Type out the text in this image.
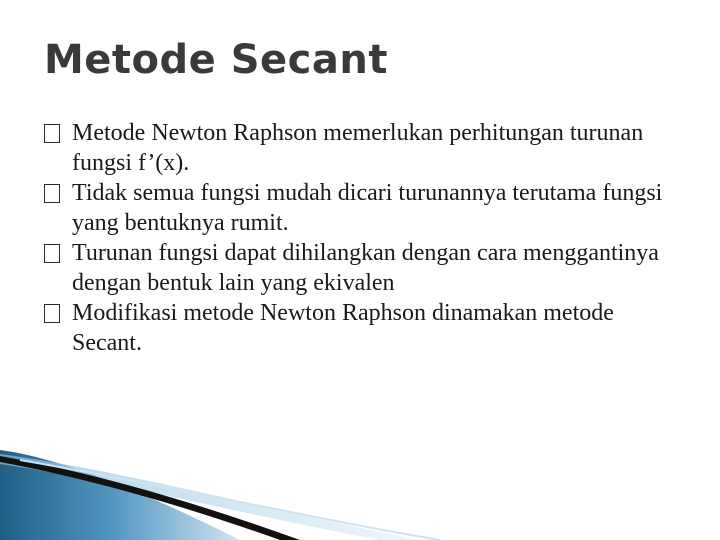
Metode Secant
Metode Newton Raphson memerlukan perhitungan turunan fungsi f’(x).
Tidak semua fungsi mudah dicari turunannya terutama fungsi yang bentuknya rumit.
Turunan fungsi dapat dihilangkan dengan cara menggantinya dengan bentuk lain yang ekivalen
Modifikasi metode Newton Raphson dinamakan metode Secant.
